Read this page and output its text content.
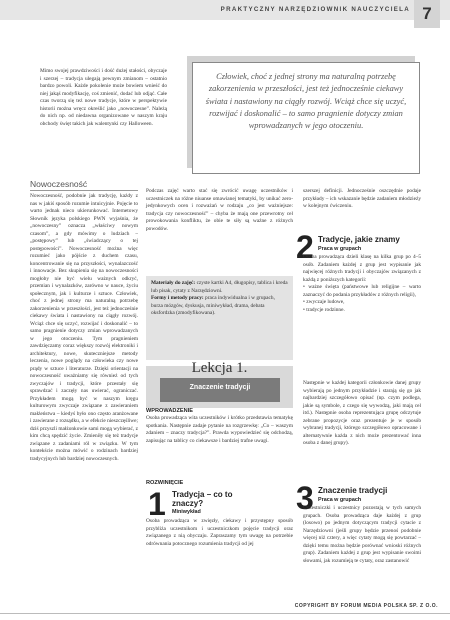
PRAKTYCZNY NARZĘDZIOWNIK NAUCZYCIELA 7

Mimo swojej prawdziwości i dość dużej stałości, obyczaje i szerzej – tradycja ulegają pewnym zmianom – ostatnio bardzo powoli. Każde pokolenie może bowiem wnieść do niej jakąś modyfikację, coś zmienić, dodać lub odjąć. Całe czas tworzą się też nowe tradycje, które w perspektywie historii można wręcz określić jako „nowoczesne”. Należą do nich np. od niedawna organizowane w naszym kraju obchody święt takich jak walentynki czy Halloween.

Nowoczesność

Nowoczesność, podobnie jak tradycję, każdy z nas w jakiś sposób rozumie intuicyjnie. Pojęcie to warto jednak nieco ukierunkować. Internetowy Słownik języka polskiego PWN wyjaśnia, że „nowoczesny” oznacza „właściwy nowym czasom”, a gdy mówimy o ludziach – „postępowy” lub „świadczący o tej postępowości”. Nowoczesność można więc rozumieć jako pójście z duchem czasu, koncentrowanie się na przyszłości, wynalazczość i innowacje. Bez skupienia się na nowoczesności mogłoby nie być wielu ważnych odkryć, przemian i wynalazków, zarówno w nauce, życiu społecznym, jak i kulturze i sztuce. Człowiek, choć z jednej strony ma naturalną potrzebę zakorzenienia w przeszłości, jest też jednocześnie ciekawy świata i nastawiony na ciągły rozwój. Wciąż chce się uczyć, rozwijać i doskonalić – to samo pragnienie dotyczy zmian wprowadzanych w jego otoczeniu. Tym pragnieniem zawdzięczamy coraz większy rozwój elektroniki i architektury, nowe, skuteczniejsze metody leczenia, nowe poglądy na człowieka czy nowe prądy w sztuce i literaturze. Dzięki orientacji na nowoczesność uważniamy się również od tych zwyczajów i tradycji, które przestały się sprawdzać i zaczęły nas uwierać, ograniczać. Przykładem mogą być w naszym kręgu kulturowym zwyczaje związane z zawieraniem małżeństwa – kiedyś było ono często aranżowane i zawierane z rozsądku, a w efekcie nieszczęśliwe; dziś przyszli małżonkowie sami mogą wybierać, z kim chcą spędzić życie. Zmieniły się też tradycje związane z zadaniami ról w związku. W tym kontekście można mówić o rodzinach bardziej tradycyjnych lub bardziej nowoczesnych.

Człowiek, choć z jednej strony ma naturalną potrzebę zakorzenienia w przeszłości, jest też jednocześnie ciekawy świata i nastawiony na ciągły rozwój. Wciąż chce się uczyć, rozwijać i doskonalić – to samo pragnienie dotyczy zmian wprowadzanych w jego otoczeniu.

Podczas zajęć warto stać się zwrócić uwagę uczestników i uczestniczek na różne niuanse omawianej tematyki, by unikać zero-jedynkowych ocen i rozważań w rodzaju „co jest ważniejsze: tradycja czy nowoczesność” – chyba że mają one przewrotny cel prowokowania konfliktu, że obie te siły są ważne z różnych powodów.

Materiały do zajęć: czyste kartki A4, długopisy, tablica i kreda lub pisak, cytaty z Narzędziowni.

Formy i metody pracy: praca indywidualna i w grupach, burza mózgów, dyskusja, miniwykład, drama, debata oksfordzka (zmodyfikowana).

Lekcja 1.
Znaczenie tradycji
WPROWADZENIE

Osoba prowadząca wita uczestników i krótko przedstawia tematykę spotkania. Następnie zadaje pytanie na rozgrzewkę: „Co – waszym zdaniem – znaczy tradycja?”. Prawda wypowiedzieć się odchodzą, zapisując na tablicy co ciekawsze i bardziej trafne uwagi.

ROZWINIĘCIE
1 Tradycja – co to znaczy?
Miniwykład

Osoba prowadząca w zwięzły, ciekawy i przystępny sposób przybliża uczestnikom i uczestniczkom pojęcie tradycji oraz związanego z nią obyczaju. Zapraszamy tym uwagę na potrzebie odrównania potocznego rozumienia tradycji od jej

szerszej definicji. Jednocześnie oszczędnie podaje przykłady – ich wskazanie będzie zadaniem młodzieży w kolejnym ćwiczeniu.

2 Tradycje, jakie znamy
Praca w grupach

Osoba prowadząca dzieli klasę na kilka grup po 4–5 osób. Zadaniem każdej z grup jest wypisanie jak najwięcej różnych tradycji i obyczajów związanych z każdą z poniższych kategorii:

• ważne święta (państwowe lub religijne – warto zaznaczyć do podania przykładów z różnych religii),

• zwyczaje ludowe,

• tradycje rodzinne.

Następnie w każdej kategorii członkowie danej grupy wybierają po jednym przykładzie i starają się go jak najbardziej szczegółowo opisać (np. czym podlega, jakie są symbole, z czego się wywodzą, jaki mają cel itd.). Następnie osoba reprezentująca grupę odczytuje zebrane propozycje oraz prezentuje je w sposób wybranej tradycji, którego szczegółowo opracowane i alternatywnie każda z nich może prezentować inna osoba z danej grupy).

3 Znaczenie tradycji
Praca w grupach

Uczestniczki i uczestnicy pozostają w tych samych grupach. Osoba prowadząca daje każdej z grup (losowo) po jednym dotyczącym tradycji cytacie z Narzędziowni (jeśli grupy będzie przenoś podobnie więcej niż cztery, a więc cytaty mogą się powtarzać – dzięki temu można będzie porównać wnioski różnych grup). Zadaniem każdej z grup jest wypisanie swoimi słowami, jak rozumieją te cytaty, oraz zastanowić

COPYRIGHT BY FORUM MEDIA POLSKA SP. Z O.O.
